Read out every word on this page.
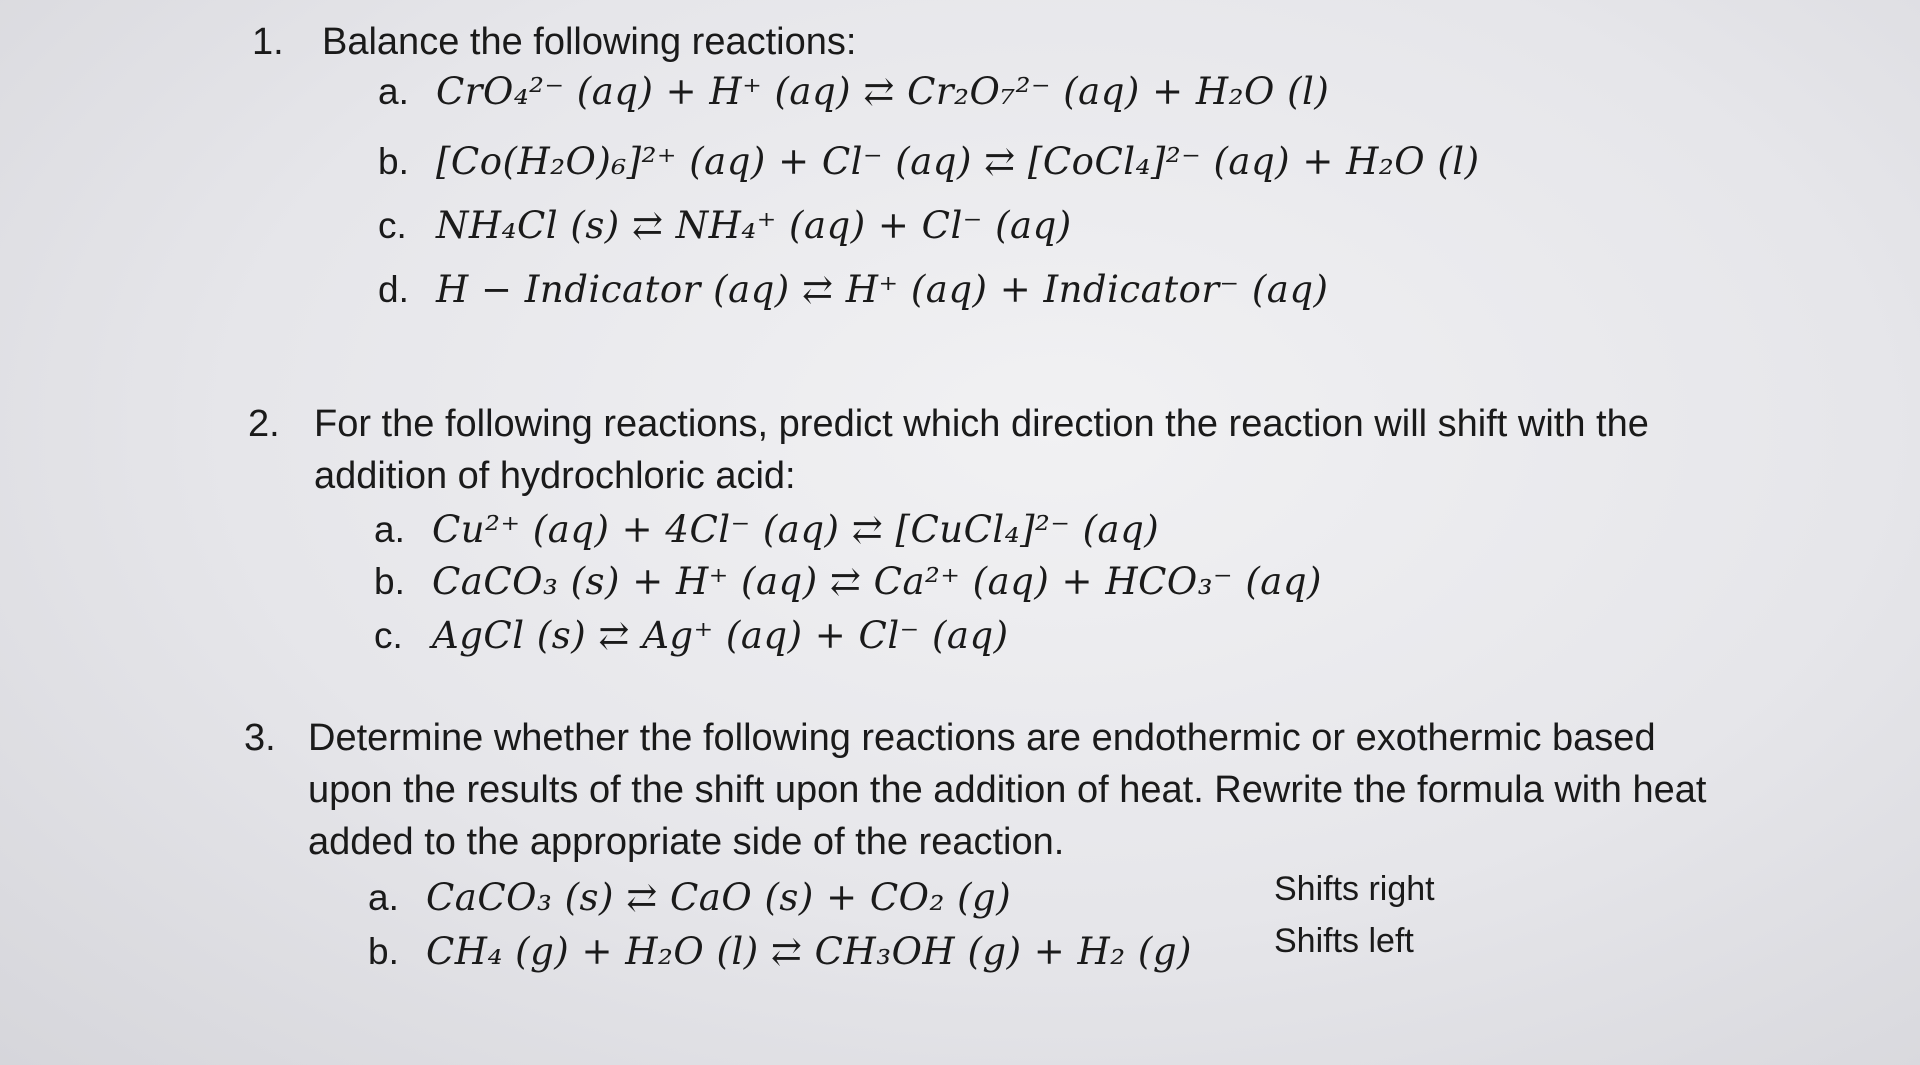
1. Balance the following reactions:
a. CrO₄²⁻ (aq) + H⁺ (aq) ⇄ Cr₂O₇²⁻ (aq) + H₂O (l)
b. [Co(H₂O)₆]²⁺ (aq) + Cl⁻ (aq) ⇄ [CoCl₄]²⁻ (aq) + H₂O (l)
c. NH₄Cl (s) ⇄ NH₄⁺ (aq) + Cl⁻ (aq)
d. H − Indicator (aq) ⇄ H⁺ (aq) + Indicator⁻ (aq)
2. For the following reactions, predict which direction the reaction will shift with the
addition of hydrochloric acid:
a. Cu²⁺ (aq) + 4Cl⁻ (aq) ⇄ [CuCl₄]²⁻ (aq)
b. CaCO₃ (s) + H⁺ (aq) ⇄ Ca²⁺ (aq) + HCO₃⁻ (aq)
c. AgCl (s) ⇄ Ag⁺ (aq) + Cl⁻ (aq)
3. Determine whether the following reactions are endothermic or exothermic based
upon the results of the shift upon the addition of heat. Rewrite the formula with heat
added to the appropriate side of the reaction.
a. CaCO₃ (s) ⇄ CaO (s) + CO₂ (g)	Shifts right
b. CH₄ (g) + H₂O (l) ⇄ CH₃OH (g) + H₂ (g) Shifts left
